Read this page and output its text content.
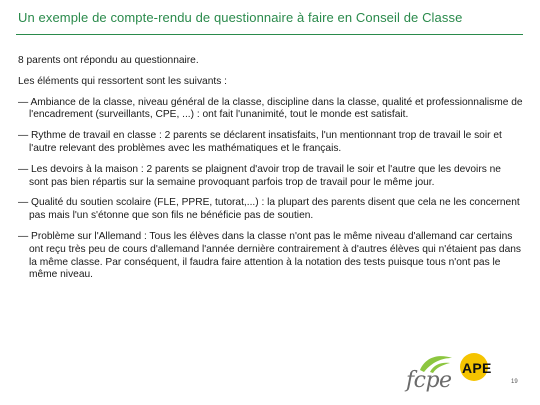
Un exemple de compte-rendu de questionnaire à faire en Conseil de Classe

8 parents ont répondu au questionnaire.

Les éléments qui ressortent sont les suivants :

— Ambiance de la classe, niveau général de la classe, discipline dans la classe, qualité et professionnalisme de l'encadrement (surveillants, CPE, ...) : ont fait l'unanimité, tout le monde est satisfait.

— Rythme de travail en classe : 2 parents se déclarent insatisfaits, l'un mentionnant trop de travail le soir et l'autre relevant des problèmes avec les mathématiques et le français.

— Les devoirs à la maison : 2 parents se plaignent d'avoir trop de travail le soir et l'autre que les devoirs ne sont pas bien répartis sur la semaine provoquant parfois trop de travail pour le même jour.

— Qualité du soutien scolaire (FLE, PPRE, tutorat,...) : la plupart des parents disent que cela ne les concernent pas mais l'un s'étonne que son fils ne bénéficie pas de soutien.

— Problème sur l'Allemand : Tous les élèves dans la classe n'ont pas le même niveau d'allemand car certains ont reçu très peu de cours d'allemand l'année dernière contrairement à d'autres élèves qui n'étaient pas dans la même classe. Par conséquent, il faudra faire attention à la notation des tests puisque tous n'ont pas le même niveau.

fcpe APE
19
